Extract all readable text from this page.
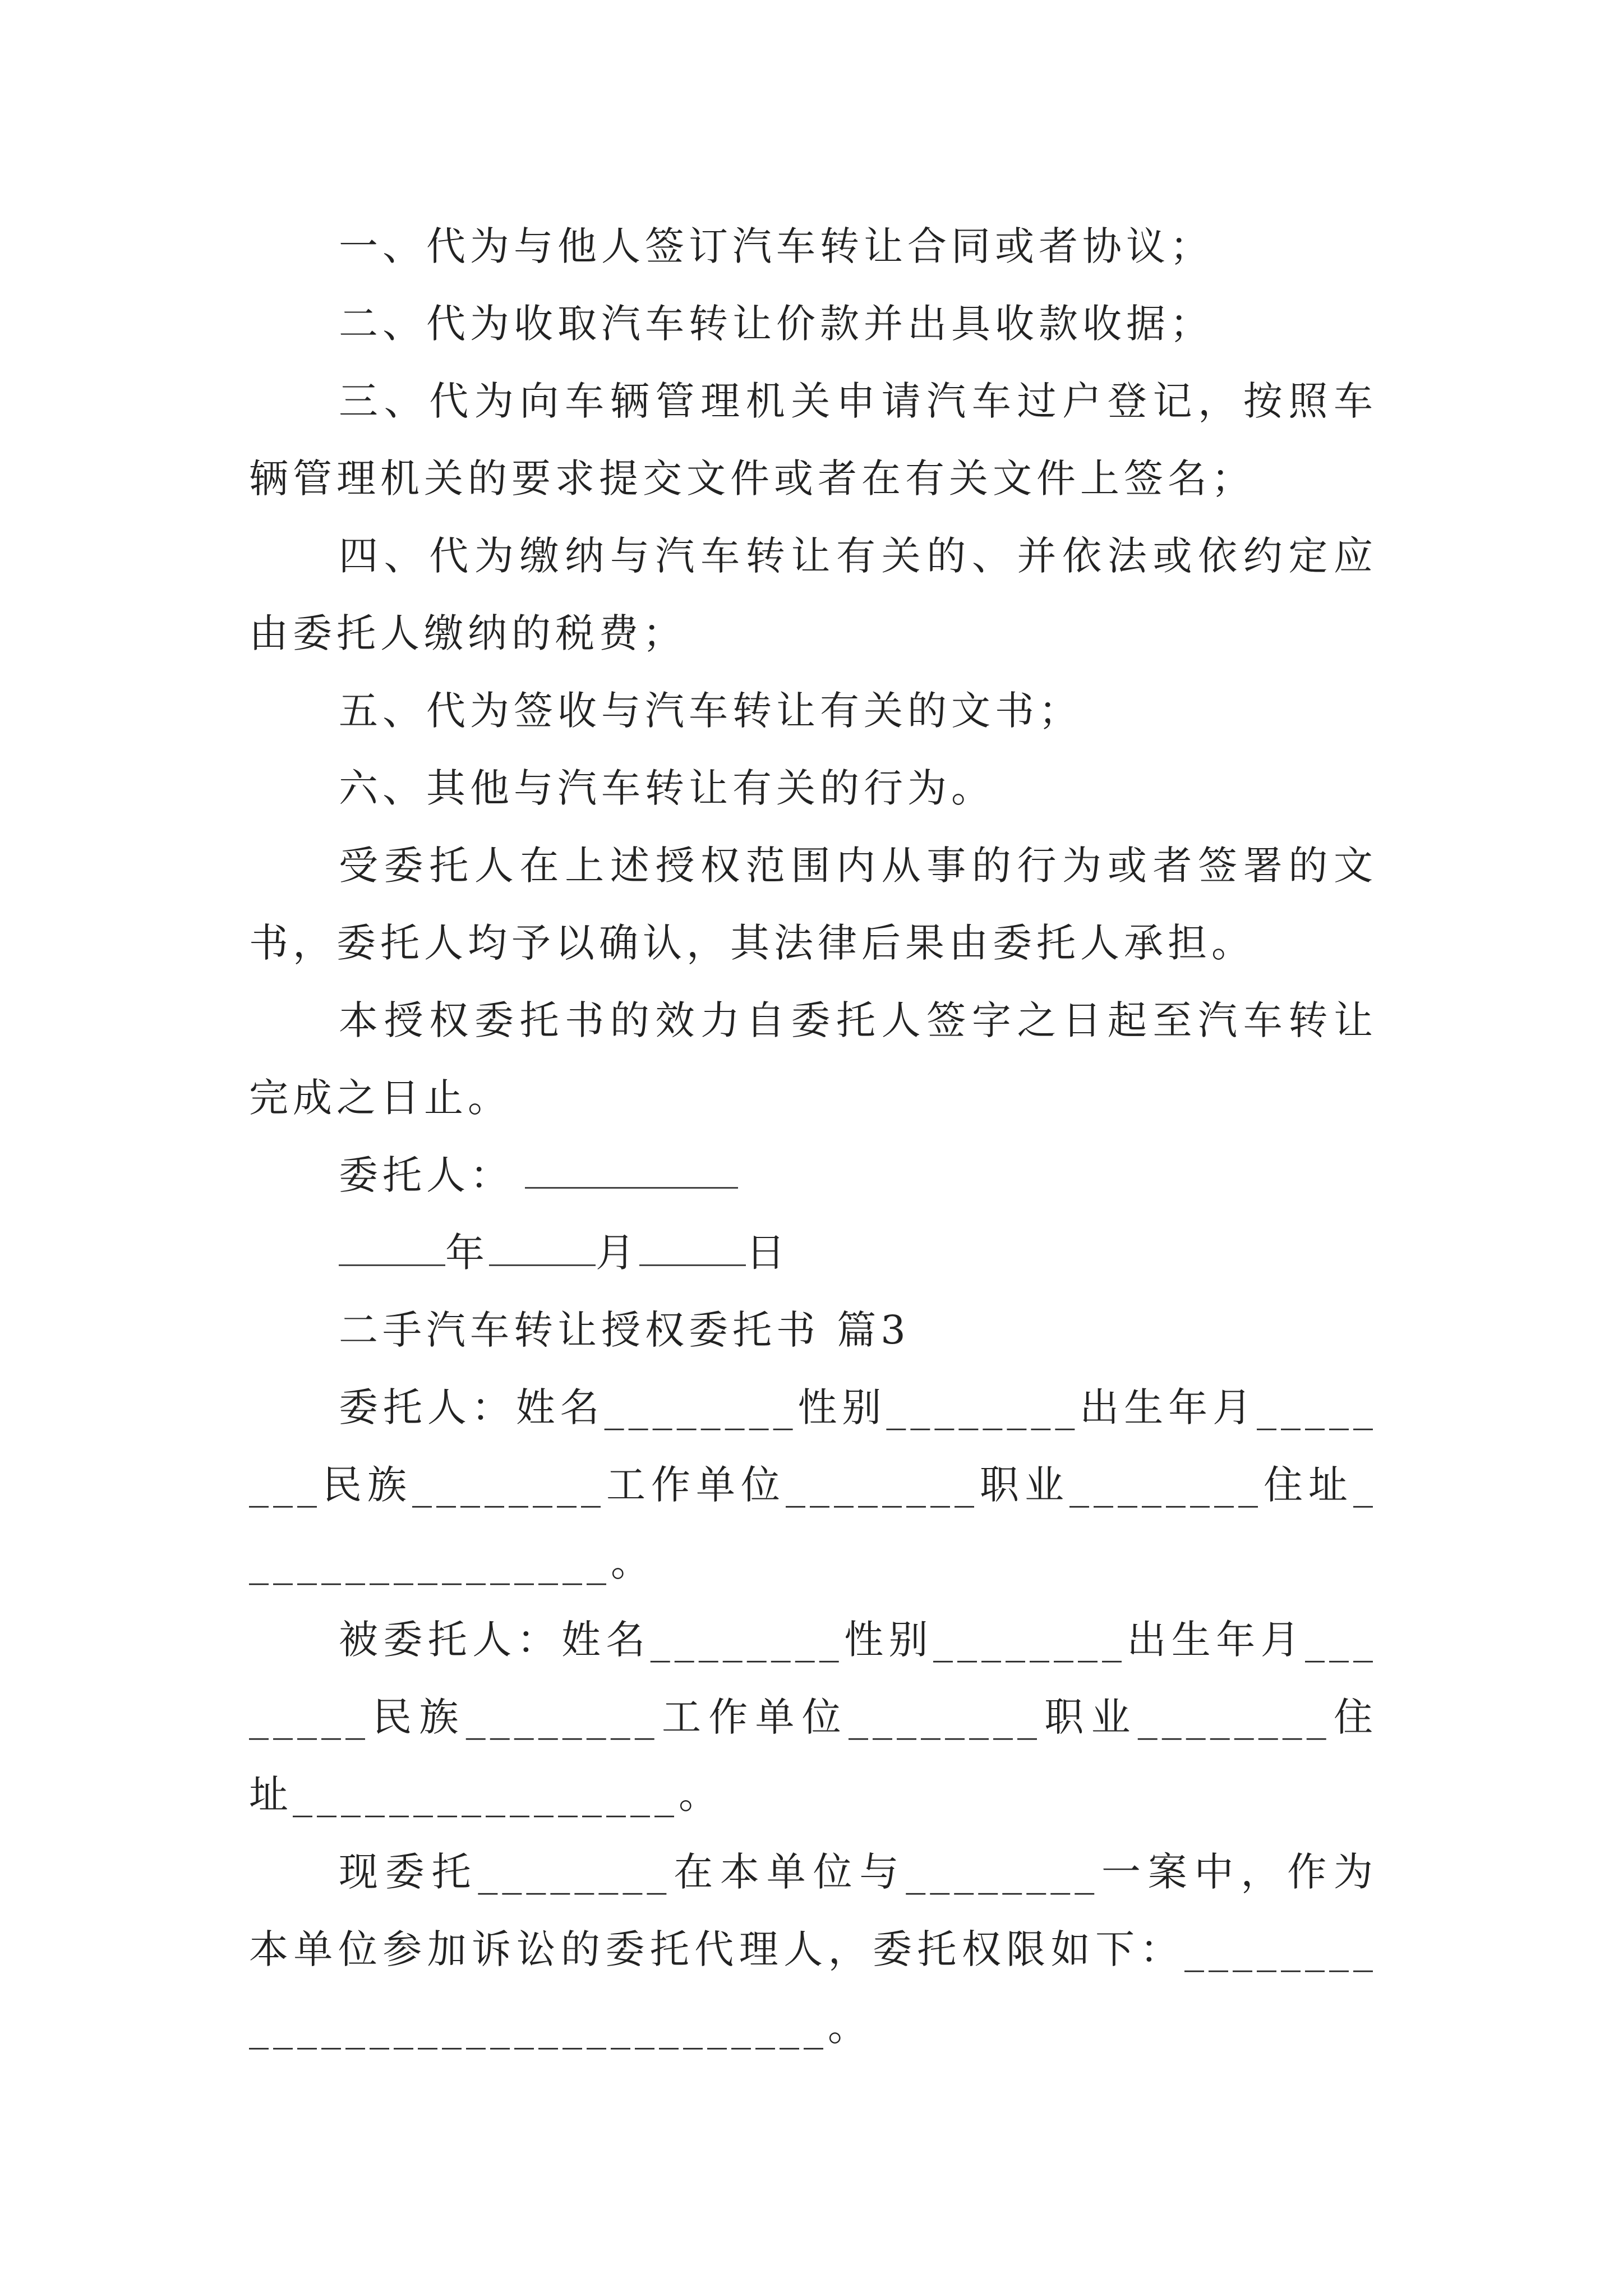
一、代为与他人签订汽车转让合同或者协议；

二、代为收取汽车转让价款并出具收款收据；

三、代为向车辆管理机关申请汽车过户登记，按照车辆管理机关的要求提交文件或者在有关文件上签名；

四、代为缴纳与汽车转让有关的、并依法或依约定应由委托人缴纳的税费；

五、代为签收与汽车转让有关的文书；

六、其他与汽车转让有关的行为。

受委托人在上述授权范围内从事的行为或者签署的文书，委托人均予以确认，其法律后果由委托人承担。

本授权委托书的效力自委托人签字之日起至汽车转让完成之日止。

委托人：

年	月	日

二手汽车转让授权委托书 篇3

委托人：姓名________性别________出生年月________民族________工作单位________职业________住址________________。

被委托人：姓名________性别________出生年月________民族________工作单位________职业________住址________________。

现委托________在本单位与________一案中，作为本单位参加诉讼的委托代理人，委托权限如下：________________________________。
